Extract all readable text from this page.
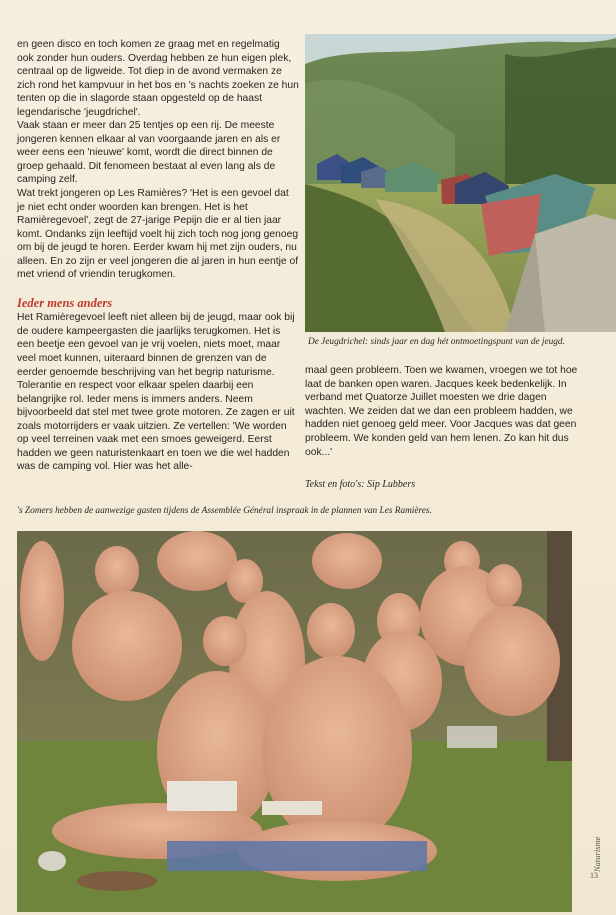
en geen disco en toch komen ze graag met en regelmatig ook zonder hun ouders. Overdag hebben ze hun eigen plek, centraal op de ligweide. Tot diep in de avond vermaken ze zich rond het kampvuur in het bos en 's nachts zoeken ze hun tenten op die in slagorde staan opgesteld op de haast legendarische 'jeugdrichel'.

Vaak staan er meer dan 25 tentjes op een rij. De meeste jongeren kennen elkaar al van voorgaande jaren en als er weer eens een 'nieuwe' komt, wordt die direct binnen de groep gehaald. Dit fenomeen bestaat al even lang als de camping zelf.

Wat trekt jongeren op Les Ramières? 'Het is een gevoel dat je niet echt onder woorden kan brengen. Het is het Ramièregevoel', zegt de 27-jarige Pepijn die er al tien jaar komt. Ondanks zijn leeftijd voelt hij zich toch nog jong genoeg om bij de jeugd te horen. Eerder kwam hij met zijn ouders, nu alleen. En zo zijn er veel jongeren die al jaren in hun eentje of met vriend of vriendin terugkomen.

Ieder mens anders

Het Ramièregevoel leeft niet alleen bij de jeugd, maar ook bij de oudere kampeergasten die jaarlijks terugkomen. Het is een beetje een gevoel van je vrij voelen, niets moet, maar veel moet kunnen, uiteraard binnen de grenzen van de eerder genoemde beschrijving van het begrip naturisme. Tolerantie en respect voor elkaar spelen daarbij een belangrijke rol. Ieder mens is immers anders. Neem bijvoorbeeld dat stel met twee grote motoren. Ze zagen er uit zoals motorrijders er vaak uitzien. Ze vertellen: 'We worden op veel terreinen vaak met een smoes geweigerd. Eerst hadden we geen naturistenkaart en toen we die wel hadden was de camping vol. Hier was het alle-

De Jeugdrichel: sinds jaar en dag hét ontmoetingspunt van de jeugd.

maal geen probleem. Toen we kwamen, vroegen we tot hoe laat de banken open waren. Jacques keek bedenkelijk. In verband met Quatorze Juillet moesten we drie dagen wachten. We zeiden dat we dan een probleem hadden, we hadden niet genoeg geld meer. Voor Jacques was dat geen probleem. We konden geld van hem lenen. Zo kan hit dus ook...'

Tekst en foto's: Sip Lubbers
's Zomers hebben de aanwezige gasten tijdens de Assemblée Général inspraak in de plannen van Les Ramières.
Naturisme
13
